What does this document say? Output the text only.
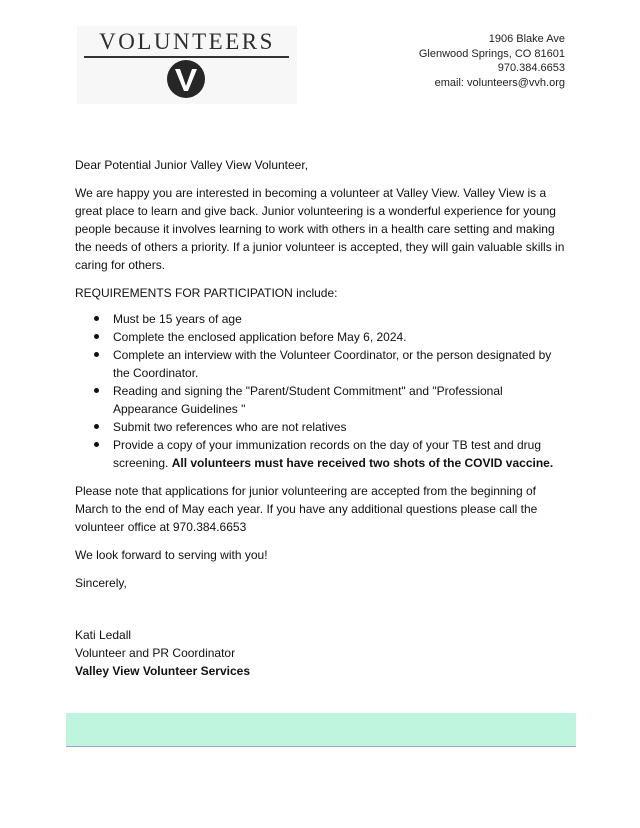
VOLUNTEERS	1906 Blake Ave
Glenwood Springs, CO 81601
970.384.6653
email: volunteers@vvh.org

Dear Potential Junior Valley View Volunteer,

We are happy you are interested in becoming a volunteer at Valley View. Valley View is a great place to learn and give back. Junior volunteering is a wonderful experience for young people because it involves learning to work with others in a health care setting and making the needs of others a priority. If a junior volunteer is accepted, they will gain valuable skills in caring for others.

REQUIREMENTS FOR PARTICIPATION include:

Must be 15 years of age
Complete the enclosed application before May 6, 2024.
Complete an interview with the Volunteer Coordinator, or the person designated by the Coordinator.
Reading and signing the "Parent/Student Commitment" and "Professional Appearance Guidelines "
Submit two references who are not relatives
Provide a copy of your immunization records on the day of your TB test and drug screening. All volunteers must have received two shots of the COVID vaccine.

Please note that applications for junior volunteering are accepted from the beginning of March to the end of May each year. If you have any additional questions please call the volunteer office at 970.384.6653

We look forward to serving with you!

Sincerely,

Kati Ledall
Volunteer and PR Coordinator
Valley View Volunteer Services
